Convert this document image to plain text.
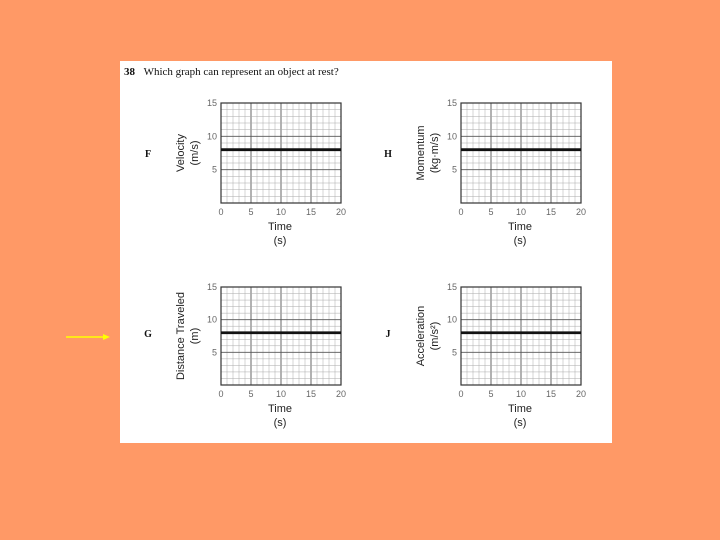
38 Which graph can represent an object at rest?
F
0	5 10 15 20
5
10
15
Time
(s)
Velocity (m/s)	H
0	5 10 15 20
5
10
15
Time
(s)
Momentum (kg·m/s)
G
0	5 10 15 20
5
10
15
Time
(s)
Distance Traveled (m)	J
0	5 10 15 20
5
10
15
Time
(s)
Acceleration (m/s²)
